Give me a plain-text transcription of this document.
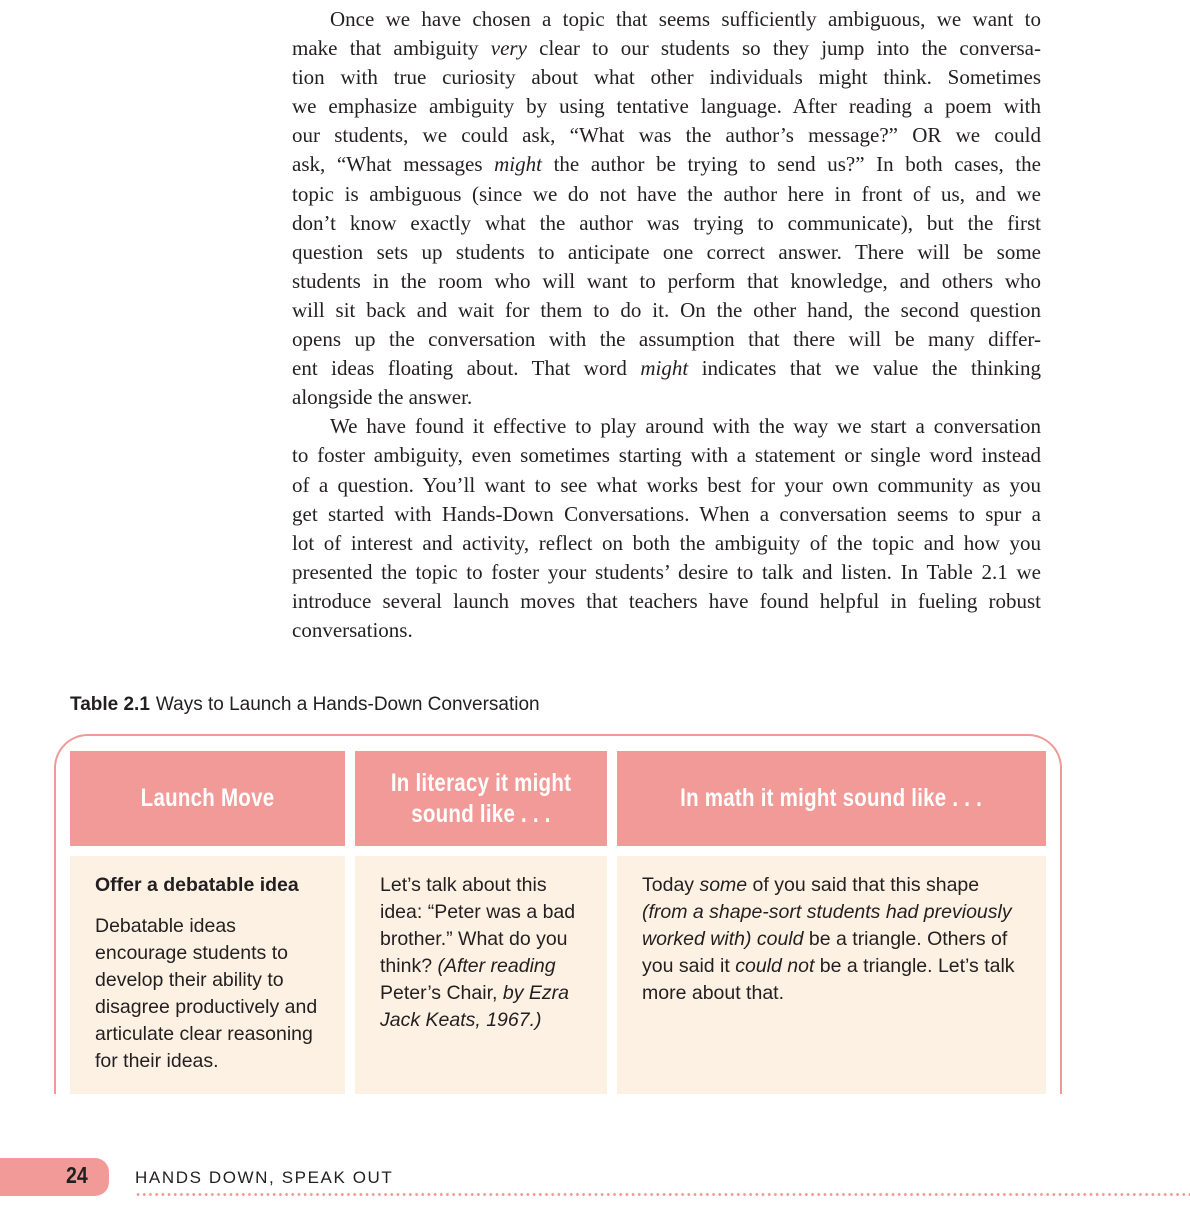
Once we have chosen a topic that seems sufficiently ambiguous, we want to
make that ambiguity very clear to our students so they jump into the conversa-
tion with true curiosity about what other individuals might think. Sometimes
we emphasize ambiguity by using tentative language. After reading a poem with
our students, we could ask, “What was the author’s message?” OR we could
ask, “What messages might the author be trying to send us?” In both cases, the
topic is ambiguous (since we do not have the author here in front of us, and we
don’t know exactly what the author was trying to communicate), but the first
question sets up students to anticipate one correct answer. There will be some
students in the room who will want to perform that knowledge, and others who
will sit back and wait for them to do it. On the other hand, the second question
opens up the conversation with the assumption that there will be many differ-
ent ideas floating about. That word might indicates that we value the thinking
alongside the answer.
We have found it effective to play around with the way we start a conversation
to foster ambiguity, even sometimes starting with a statement or single word instead
of a question. You’ll want to see what works best for your own community as you
get started with Hands-Down Conversations. When a conversation seems to spur a
lot of interest and activity, reflect on both the ambiguity of the topic and how you
presented the topic to foster your students’ desire to talk and listen. In Table 2.1 we
introduce several launch moves that teachers have found helpful in fueling robust
conversations.
Table 2.1 Ways to Launch a Hands-Down Conversation
Launch Move
In literacy it might sound like . . .
In math it might sound like . . .
Offer a debatable idea
Debatable ideas encourage students to develop their ability to disagree productively and articulate clear reasoning for their ideas.
Let’s talk about this idea: “Peter was a bad brother.” What do you think? (After reading Peter’s Chair, by Ezra Jack Keats, 1967.)
Today some of you said that this shape (from a shape-sort students had previously worked with) could be a triangle. Others of you said it could not be a triangle. Let’s talk more about that.
24	HANDS DOWN, SPEAK OUT
